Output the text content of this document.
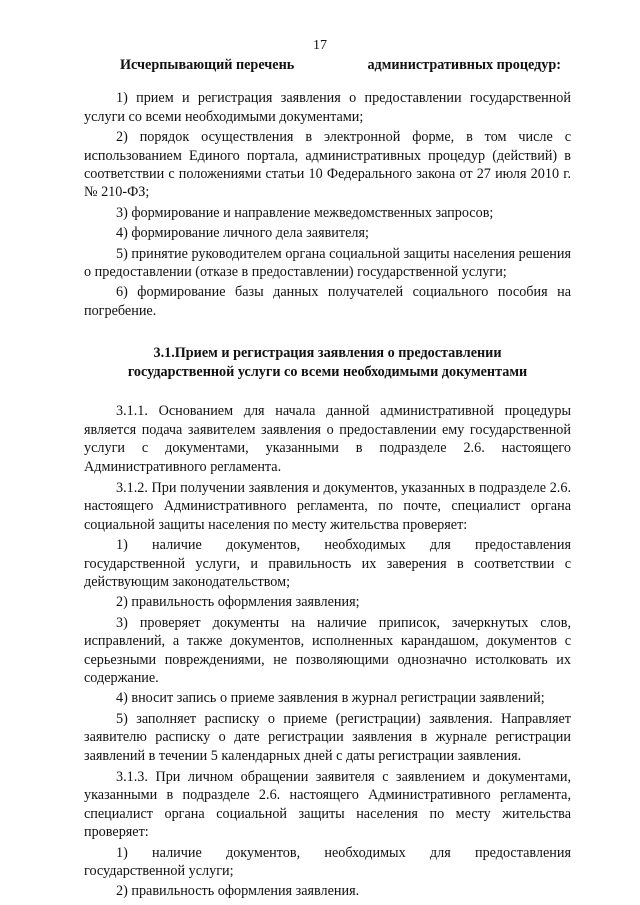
17
Исчерпывающий перечень	административных процедур:

1) прием и регистрация заявления о предоставлении государственной услуги со всеми необходимыми документами;

2) порядок осуществления в электронной форме, в том числе с использованием Единого портала, административных процедур (действий) в соответствии с положениями статьи 10 Федерального закона от 27 июля 2010 г. № 210-ФЗ;

3) формирование и направление межведомственных запросов;

4) формирование личного дела заявителя;

5) принятие руководителем органа социальной защиты населения решения о предоставлении (отказе в предоставлении) государственной услуги;

6) формирование базы данных получателей социального пособия на погребение.

3.1.Прием и регистрация заявления о предоставлении
государственной услуги со всеми необходимыми документами

3.1.1. Основанием для начала данной административной процедуры является подача заявителем заявления о предоставлении ему государственной услуги с документами, указанными в подразделе 2.6. настоящего Административного регламента.

3.1.2. При получении заявления и документов, указанных в подразделе 2.6. настоящего Административного регламента, по почте, специалист органа социальной защиты населения по месту жительства проверяет:

1) наличие документов, необходимых для предоставления государственной услуги, и правильность их заверения в соответствии с действующим законодательством;

2) правильность оформления заявления;

3) проверяет документы на наличие приписок, зачеркнутых слов, исправлений, а также документов, исполненных карандашом, документов с серьезными повреждениями, не позволяющими однозначно истолковать их содержание.

4) вносит запись о приеме заявления в журнал регистрации заявлений;

5) заполняет расписку о приеме (регистрации) заявления. Направляет заявителю расписку о дате регистрации заявления в журнале регистрации заявлений в течении 5 календарных дней с даты регистрации заявления.

3.1.3. При личном обращении заявителя с заявлением и документами, указанными в подразделе 2.6. настоящего Административного регламента, специалист органа социальной защиты населения по месту жительства проверяет:

1) наличие документов, необходимых для предоставления государственной услуги;

2) правильность оформления заявления.
